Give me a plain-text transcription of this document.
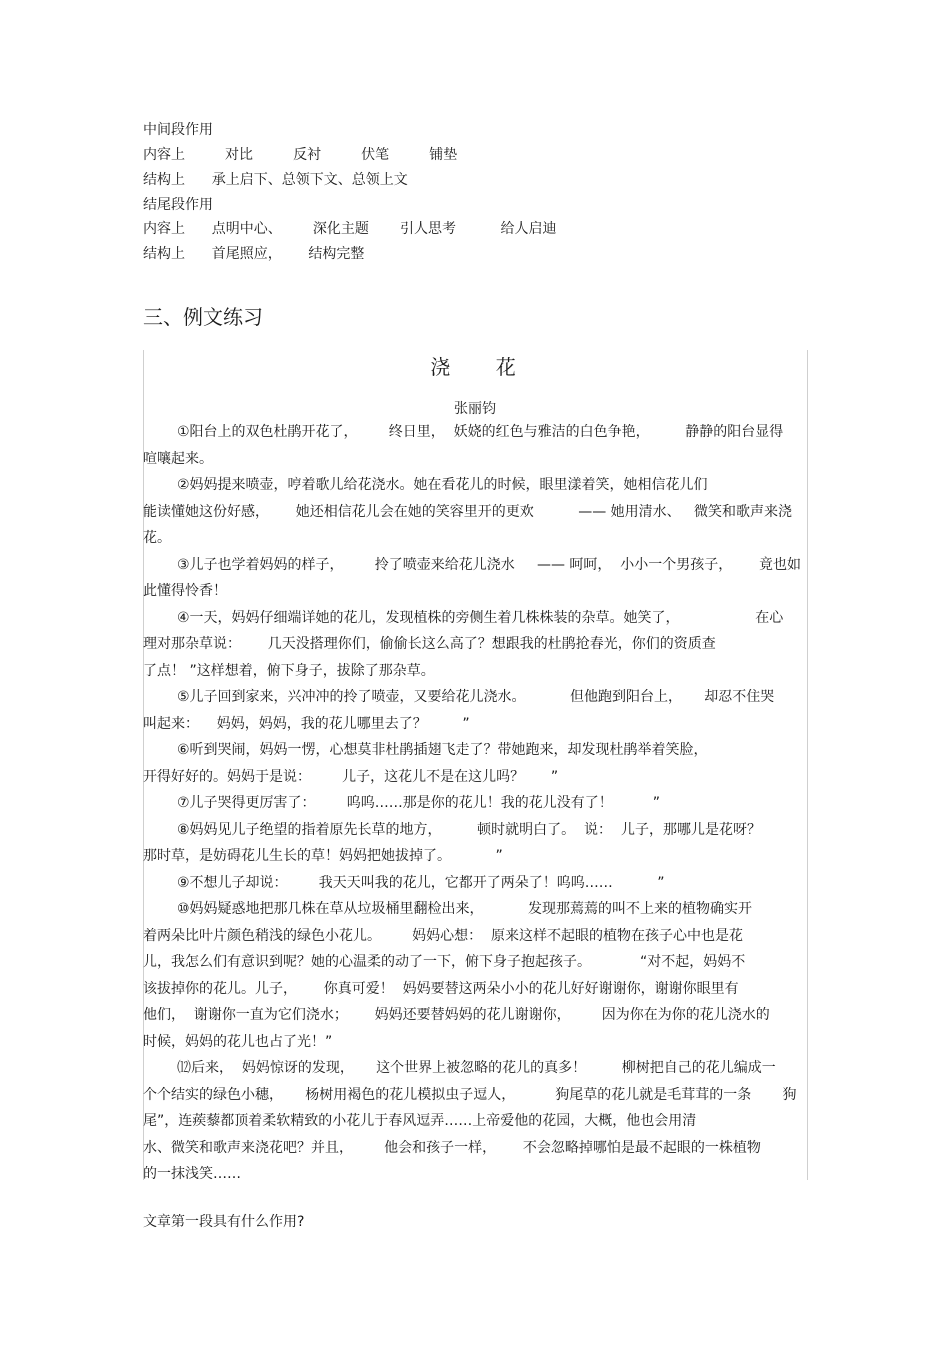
中间段作用
内容上         对比         反衬         伏笔         铺垫
结构上      承上启下、总领下文、总领上文
结尾段作用
内容上      点明中心、       深化主题       引人思考          给人启迪
结构上      首尾照应，      结构完整
三、例文练习
浇    花
张丽钧
①阳台上的双色杜鹃开花了，       终日里，  妖娆的红色与雅洁的白色争艳，        静静的阳台显得
喧嚷起来。
②妈妈提来喷壶，哼着歌儿给花浇水。她在看花儿的时候，眼里漾着笑，她相信花儿们
能读懂她这份好感，      她还相信花儿会在她的笑容里开的更欢          —— 她用清水、   微笑和歌声来浇
花。
③儿子也学着妈妈的样子，       拎了喷壶来给花儿浇水     —— 呵呵，  小小一个男孩子，      竟也如
此懂得怜香！
④一天，妈妈仔细端详她的花儿，发现植株的旁侧生着几株株装的杂草。她笑了，                 在心
理对那杂草说：      几天没搭理你们，偷偷长这么高了？想跟我的杜鹃抢春光，你们的资质查
了点！ ”这样想着，俯下身子，拔除了那杂草。
⑤儿子回到家来，兴冲冲的拎了喷壶，又要给花儿浇水。          但他跑到阳台上，     却忍不住哭
叫起来：    妈妈，妈妈，我的花儿哪里去了？        ”
⑥听到哭闹，妈妈一愣，心想莫非杜鹃插翅飞走了？带她跑来，却发现杜鹃举着笑脸，
开得好好的。妈妈于是说：       儿子，这花儿不是在这儿吗？      ”
⑦儿子哭得更厉害了：       呜呜……那是你的花儿！我的花儿没有了！         ”
⑧妈妈见儿子绝望的指着原先长草的地方，        顿时就明白了。  说：  儿子，那哪儿是花呀？
那时草，是妨碍花儿生长的草！妈妈把她拔掉了。          ”
⑨不想儿子却说：       我天天叫我的花儿，它都开了两朵了！呜呜……          ”
⑩妈妈疑惑地把那几株在草从垃圾桶里翻检出来，          发现那蔫蔫的叫不上来的植物确实开
着两朵比叶片颜色稍浅的绿色小花儿。       妈妈心想：  原来这样不起眼的植物在孩子心中也是花
儿，我怎么们有意识到呢？她的心温柔的动了一下，俯下身子抱起孩子。           “对不起，妈妈不
该拔掉你的花儿。儿子，      你真可爱！  妈妈要替这两朵小小的花儿好好谢谢你，谢谢你眼里有
他们，  谢谢你一直为它们浇水；      妈妈还要替妈妈的花儿谢谢你，       因为你在为你的花儿浇水的
时候，妈妈的花儿也占了光！”
⑿后来，  妈妈惊讶的发现，     这个世界上被忽略的花儿的真多！        柳树把自己的花儿编成一
个个结实的绿色小穗，     杨树用褐色的花儿模拟虫子逗人，         狗尾草的花儿就是毛茸茸的一条       狗
尾”，连蒺藜都顶着柔软精致的小花儿于春风逗弄……上帝爱他的花园，大概，他也会用清
水、微笑和歌声来浇花吧？并且，       他会和孩子一样，      不会忽略掉哪怕是最不起眼的一株植物
的一抹浅笑……
文章第一段具有什么作用?
